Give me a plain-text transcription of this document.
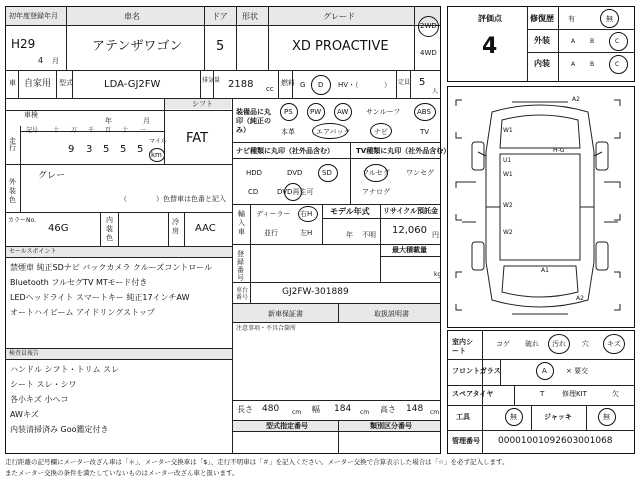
初年度登録年月	車名	ドア 形状	グレード
H29
4 月
アテンザワゴン	5	XD PROACTIVE
2WD
4WD
車 自家用 型式	LDA-GJ2FW	排気量 2188 cc
燃料 G D HV・（	） 定員 5
人
車検
年	月
シフト
FAT
走行
記号 十 万 千 百 十 一
9 3 5 5 5
マイル
km
外装色
グレー
（	）色替車は色番と記入
カラーNo.
46G
内装色
冷房 AAC
セールスポイント
禁煙車 純正SDナビ バックカメラ クルーズコントロール
Bluetooth フルセグTV MTモード付き
LEDヘッドライト スマートキー 純正17インチAW
オートハイビーム アイドリングストップ
検査員報告
ハンドル シフト・トリム スレ
シート スレ・シワ
各小キズ 小ヘコ
AWキズ
内装清掃済み Goo鑑定付き
装備品に丸印（純正のみ）
PS PW AW	サンルーフ ABS
本革	エアバック	ナビ	TV
ナビ種類に丸印（社外品含む）	TV種類に丸印（社外品含む）
HDD	DVD	SD
CD	DVD再生可
フルセグ ワンセグ
アナログ
輸入車
ディーラー 右H
並行	左H
モデル年式
年 不明
リサイクル預託金
12,060 円
最大積載量
kg
登録番号
車台番号
GJ2FW-301889
新車保証書	取扱説明書
注意事項・不具合箇所
長さ 480 cm 幅 184 cm 高さ 148 cm
型式指定番号	類別区分番号
評価点
4
修復歴 有	無
外装	A B	C
内装	A B	C
A2
W1
U1
H-G
W1
W2
W2
A1
A2
室内シート
コゲ 破れ 汚れ 穴	キズ
フロントガラス	A	× 要交
スペアタイヤ	T	修理KIT	欠
工具	無	ジャッキ	無
管理番号 00001001092603001068
走行距離の記号欄にメーター改ざん車は「＊」、メーター交換車は「$」、走行不明車は「＃」を記入ください。メーター交換で合算表示した場合は「☆」を必ず記入します。
またメーター交換の条件を満たしていないものはメーター改ざん車と扱います。
